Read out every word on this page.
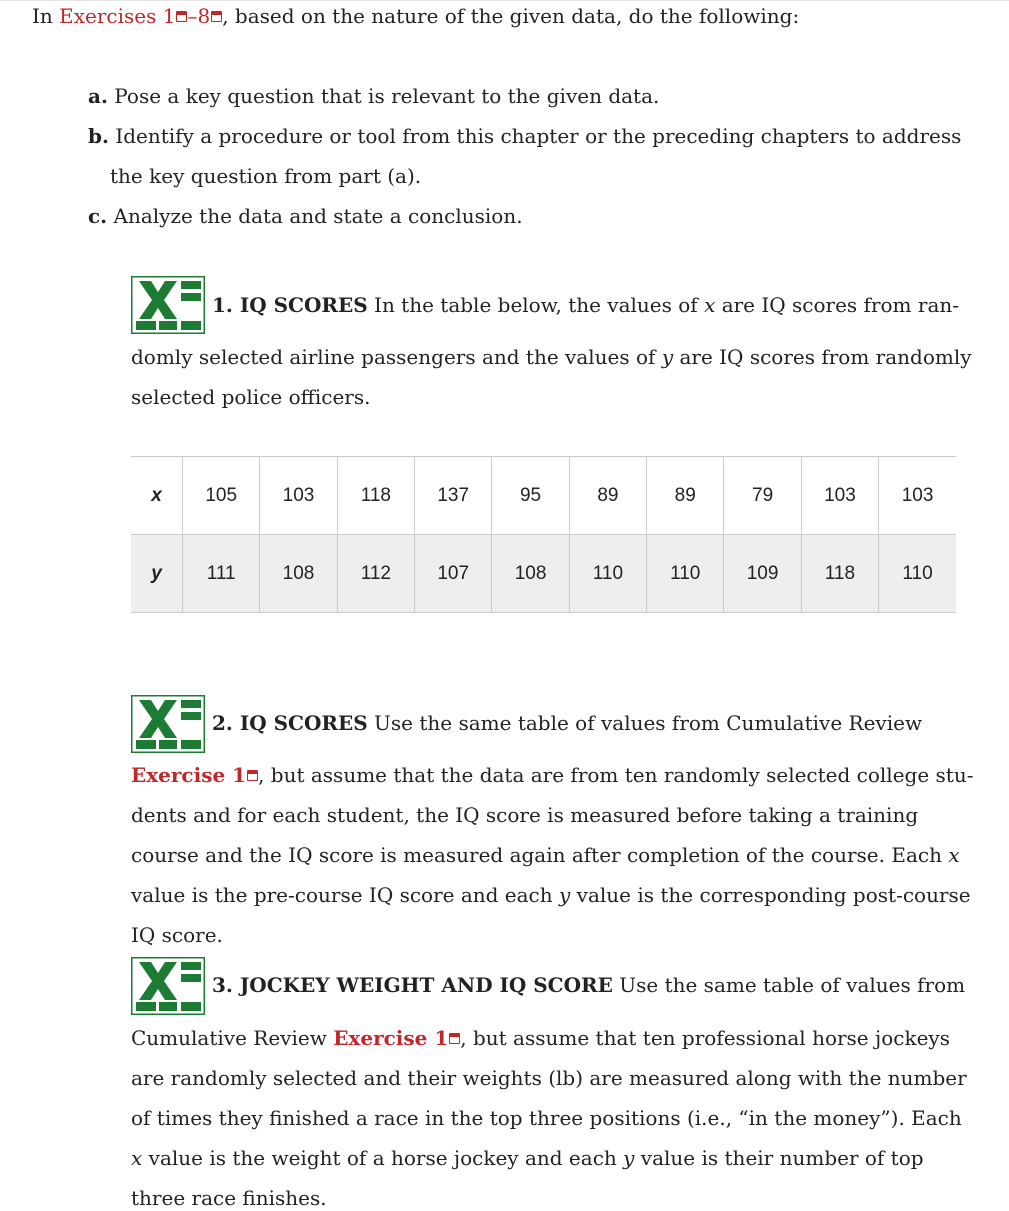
In Exercises 1 –8 , based on the nature of the given data, do the following:
a. Pose a key question that is relevant to the given data.
b. Identify a procedure or tool from this chapter or the preceding chapters to address
the key question from part (a).
c. Analyze the data and state a conclusion.
1. IQ SCORES In the table below, the values of x are IQ scores from ran-
domly selected airline passengers and the values of y are IQ scores from randomly
selected police officers.
x	105	103	118	137	95	89	89	79	103	103
y	111	108	112	107	108	110	110	109	118	110
2. IQ SCORES Use the same table of values from Cumulative Review
Exercise 1 , but assume that the data are from ten randomly selected college stu-
dents and for each student, the IQ score is measured before taking a training
course and the IQ score is measured again after completion of the course. Each x
value is the pre-course IQ score and each y value is the corresponding post-course
IQ score.
3. JOCKEY WEIGHT AND IQ SCORE Use the same table of values from
Cumulative Review Exercise 1 , but assume that ten professional horse jockeys
are randomly selected and their weights (lb) are measured along with the number
of times they finished a race in the top three positions (i.e., “in the money”). Each
x value is the weight of a horse jockey and each y value is their number of top
three race finishes.
